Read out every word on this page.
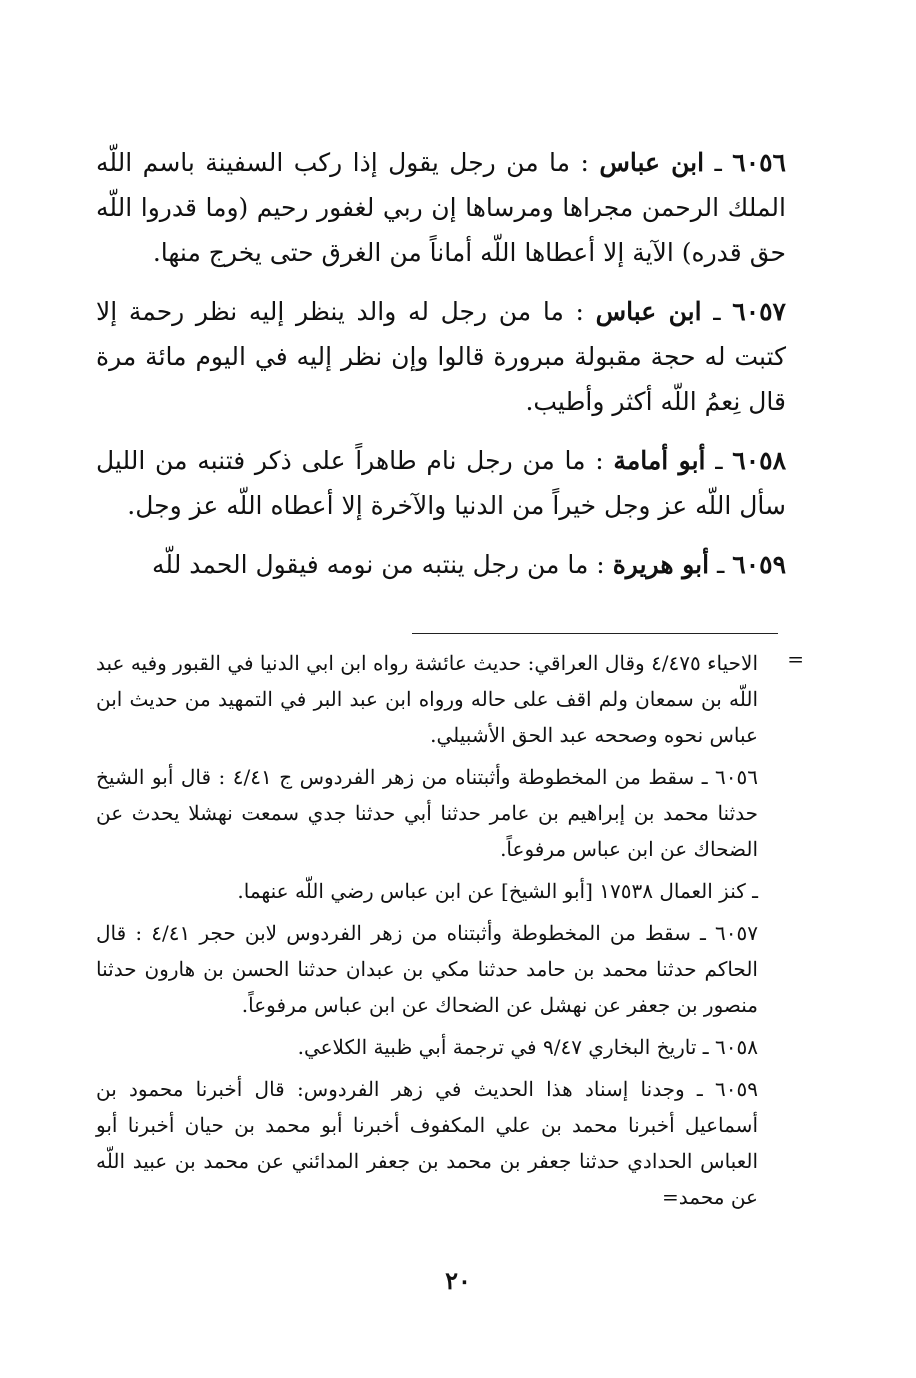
٦٠٥٦ ـ ابن عباس : ما من رجل يقول إذا ركب السفينة باسم اللّه الملك الرحمن مجراها ومرساها إن ربي لغفور رحيم (وما قدروا اللّه حق قدره) الآية إلا أعطاها اللّه أماناً من الغرق حتى يخرج منها.

٦٠٥٧ ـ ابن عباس : ما من رجل له والد ينظر إليه نظر رحمة إلا كتبت له حجة مقبولة مبرورة قالوا وإن نظر إليه في اليوم مائة مرة قال نِعمُ اللّه أكثر وأطيب.

٦٠٥٨ ـ أبو أمامة : ما من رجل نام طاهراً على ذكر فتنبه من الليل سأل اللّه عز وجل خيراً من الدنيا والآخرة إلا أعطاه اللّه عز وجل.

٦٠٥٩ ـ أبو هريرة : ما من رجل ينتبه من نومه فيقول الحمد للّه

=

الاحياء ٤/٤٧٥ وقال العراقي: حديث عائشة رواه ابن ابي الدنيا في القبور وفيه عبد اللّه بن سمعان ولم اقف على حاله ورواه ابن عبد البر في التمهيد من حديث ابن عباس نحوه وصححه عبد الحق الأشبيلي.

٦٠٥٦ ـ سقط من المخطوطة وأثبتناه من زهر الفردوس ج ٤/٤١ : قال أبو الشيخ حدثنا محمد بن إبراهيم بن عامر حدثنا أبي حدثنا جدي سمعت نهشلا يحدث عن الضحاك عن ابن عباس مرفوعاً.

ـ كنز العمال ١٧٥٣٨ [أبو الشيخ] عن ابن عباس رضي اللّه عنهما.

٦٠٥٧ ـ سقط من المخطوطة وأثبتناه من زهر الفردوس لابن حجر ٤/٤١ : قال الحاكم حدثنا محمد بن حامد حدثنا مكي بن عبدان حدثنا الحسن بن هارون حدثنا منصور بن جعفر عن نهشل عن الضحاك عن ابن عباس مرفوعاً.

٦٠٥٨ ـ تاريخ البخاري ٩/٤٧ في ترجمة أبي ظبية الكلاعي.

٦٠٥٩ ـ وجدنا إسناد هذا الحديث في زهر الفردوس: قال أخبرنا محمود بن أسماعيل أخبرنا محمد بن علي المكفوف أخبرنا أبو محمد بن حيان أخبرنا أبو العباس الحدادي حدثنا جعفر بن محمد بن جعفر المدائني عن محمد بن عبيد اللّه عن محمد=

٢٠
